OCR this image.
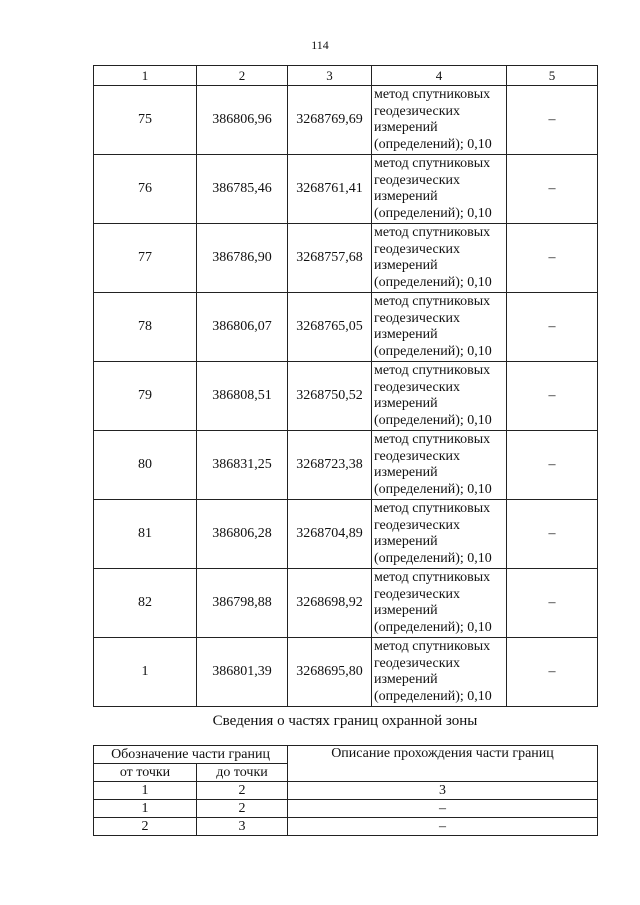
114
1	2	3	4	5
75	386806,96	3268769,69	метод спутниковых
геодезических
измерений
(определений); 0,10	–
76	386785,46	3268761,41	метод спутниковых
геодезических
измерений
(определений); 0,10	–
77	386786,90	3268757,68	метод спутниковых
геодезических
измерений
(определений); 0,10	–
78	386806,07	3268765,05	метод спутниковых
геодезических
измерений
(определений); 0,10	–
79	386808,51	3268750,52	метод спутниковых
геодезических
измерений
(определений); 0,10	–
80	386831,25	3268723,38	метод спутниковых
геодезических
измерений
(определений); 0,10	–
81	386806,28	3268704,89	метод спутниковых
геодезических
измерений
(определений); 0,10	–
82	386798,88	3268698,92	метод спутниковых
геодезических
измерений
(определений); 0,10	–
1	386801,39	3268695,80	метод спутниковых
геодезических
измерений
(определений); 0,10	–
Сведения о частях границ охранной зоны
Обозначение части границ		Описание прохождения части границ
от точки	до точки	
1	2	3
1	2	–
2	3	–
